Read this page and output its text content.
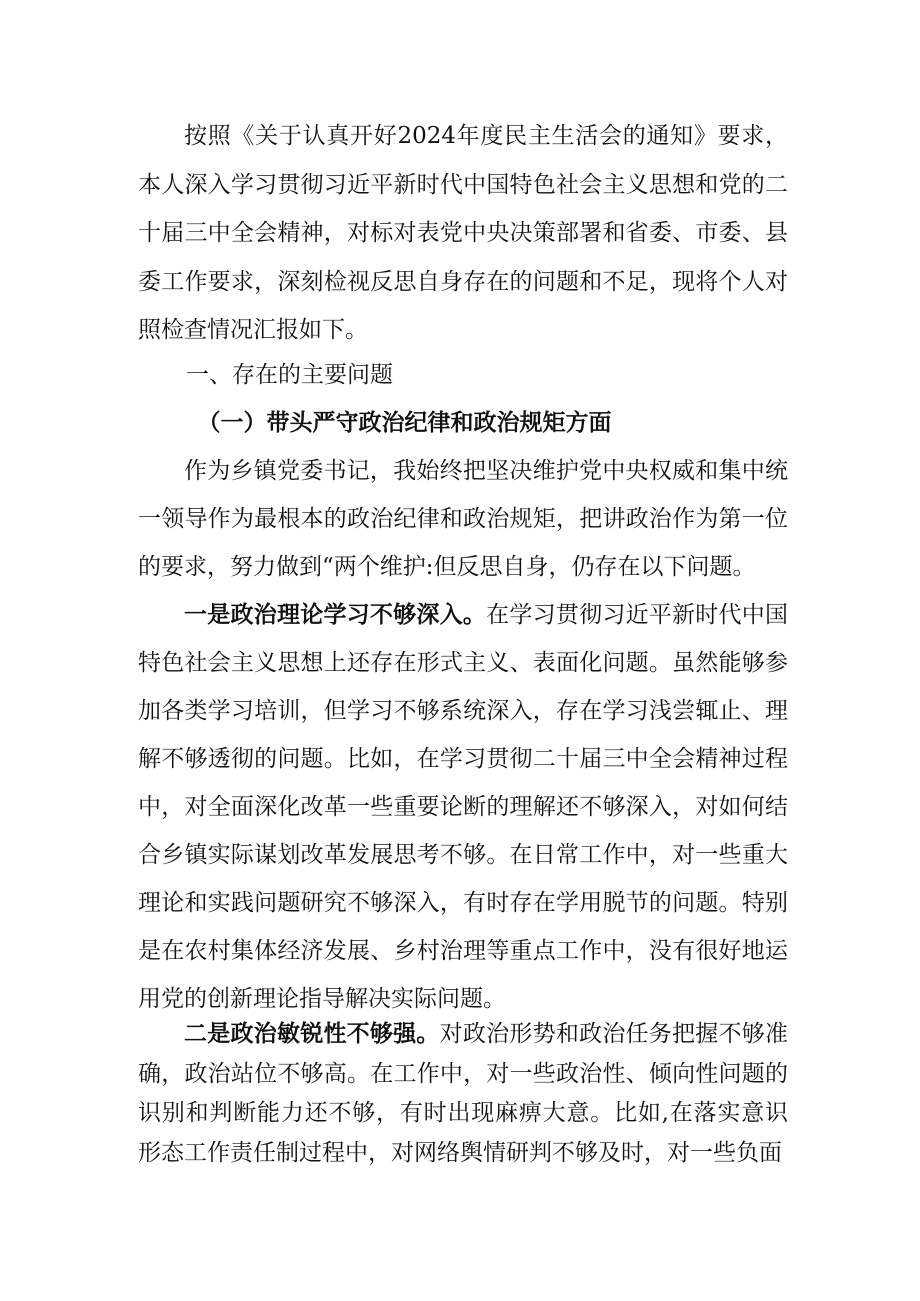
按照《关于认真开好2024年度民主生活会的通知》要求，本人深入学习贯彻习近平新时代中国特色社会主义思想和党的二十届三中全会精神，对标对表党中央决策部署和省委、市委、县委工作要求，深刻检视反思自身存在的问题和不足，现将个人对照检查情况汇报如下。

一、存在的主要问题

（一）带头严守政治纪律和政治规矩方面

作为乡镇党委书记，我始终把坚决维护党中央权威和集中统一领导作为最根本的政治纪律和政治规矩，把讲政治作为第一位的要求，努力做到“两个维护:但反思自身，仍存在以下问题。

一是政治理论学习不够深入。在学习贯彻习近平新时代中国特色社会主义思想上还存在形式主义、表面化问题。虽然能够参加各类学习培训，但学习不够系统深入，存在学习浅尝辄止、理解不够透彻的问题。比如，在学习贯彻二十届三中全会精神过程中，对全面深化改革一些重要论断的理解还不够深入，对如何结合乡镇实际谋划改革发展思考不够。在日常工作中，对一些重大理论和实践问题研究不够深入，有时存在学用脱节的问题。特别是在农村集体经济发展、乡村治理等重点工作中，没有很好地运用党的创新理论指导解决实际问题。

二是政治敏锐性不够强。对政治形势和政治任务把握不够准确，政治站位不够高。在工作中，对一些政治性、倾向性问题的识别和判断能力还不够，有时出现麻痹大意。比如,在落实意识形态工作责任制过程中，对网络舆情研判不够及时，对一些负面
